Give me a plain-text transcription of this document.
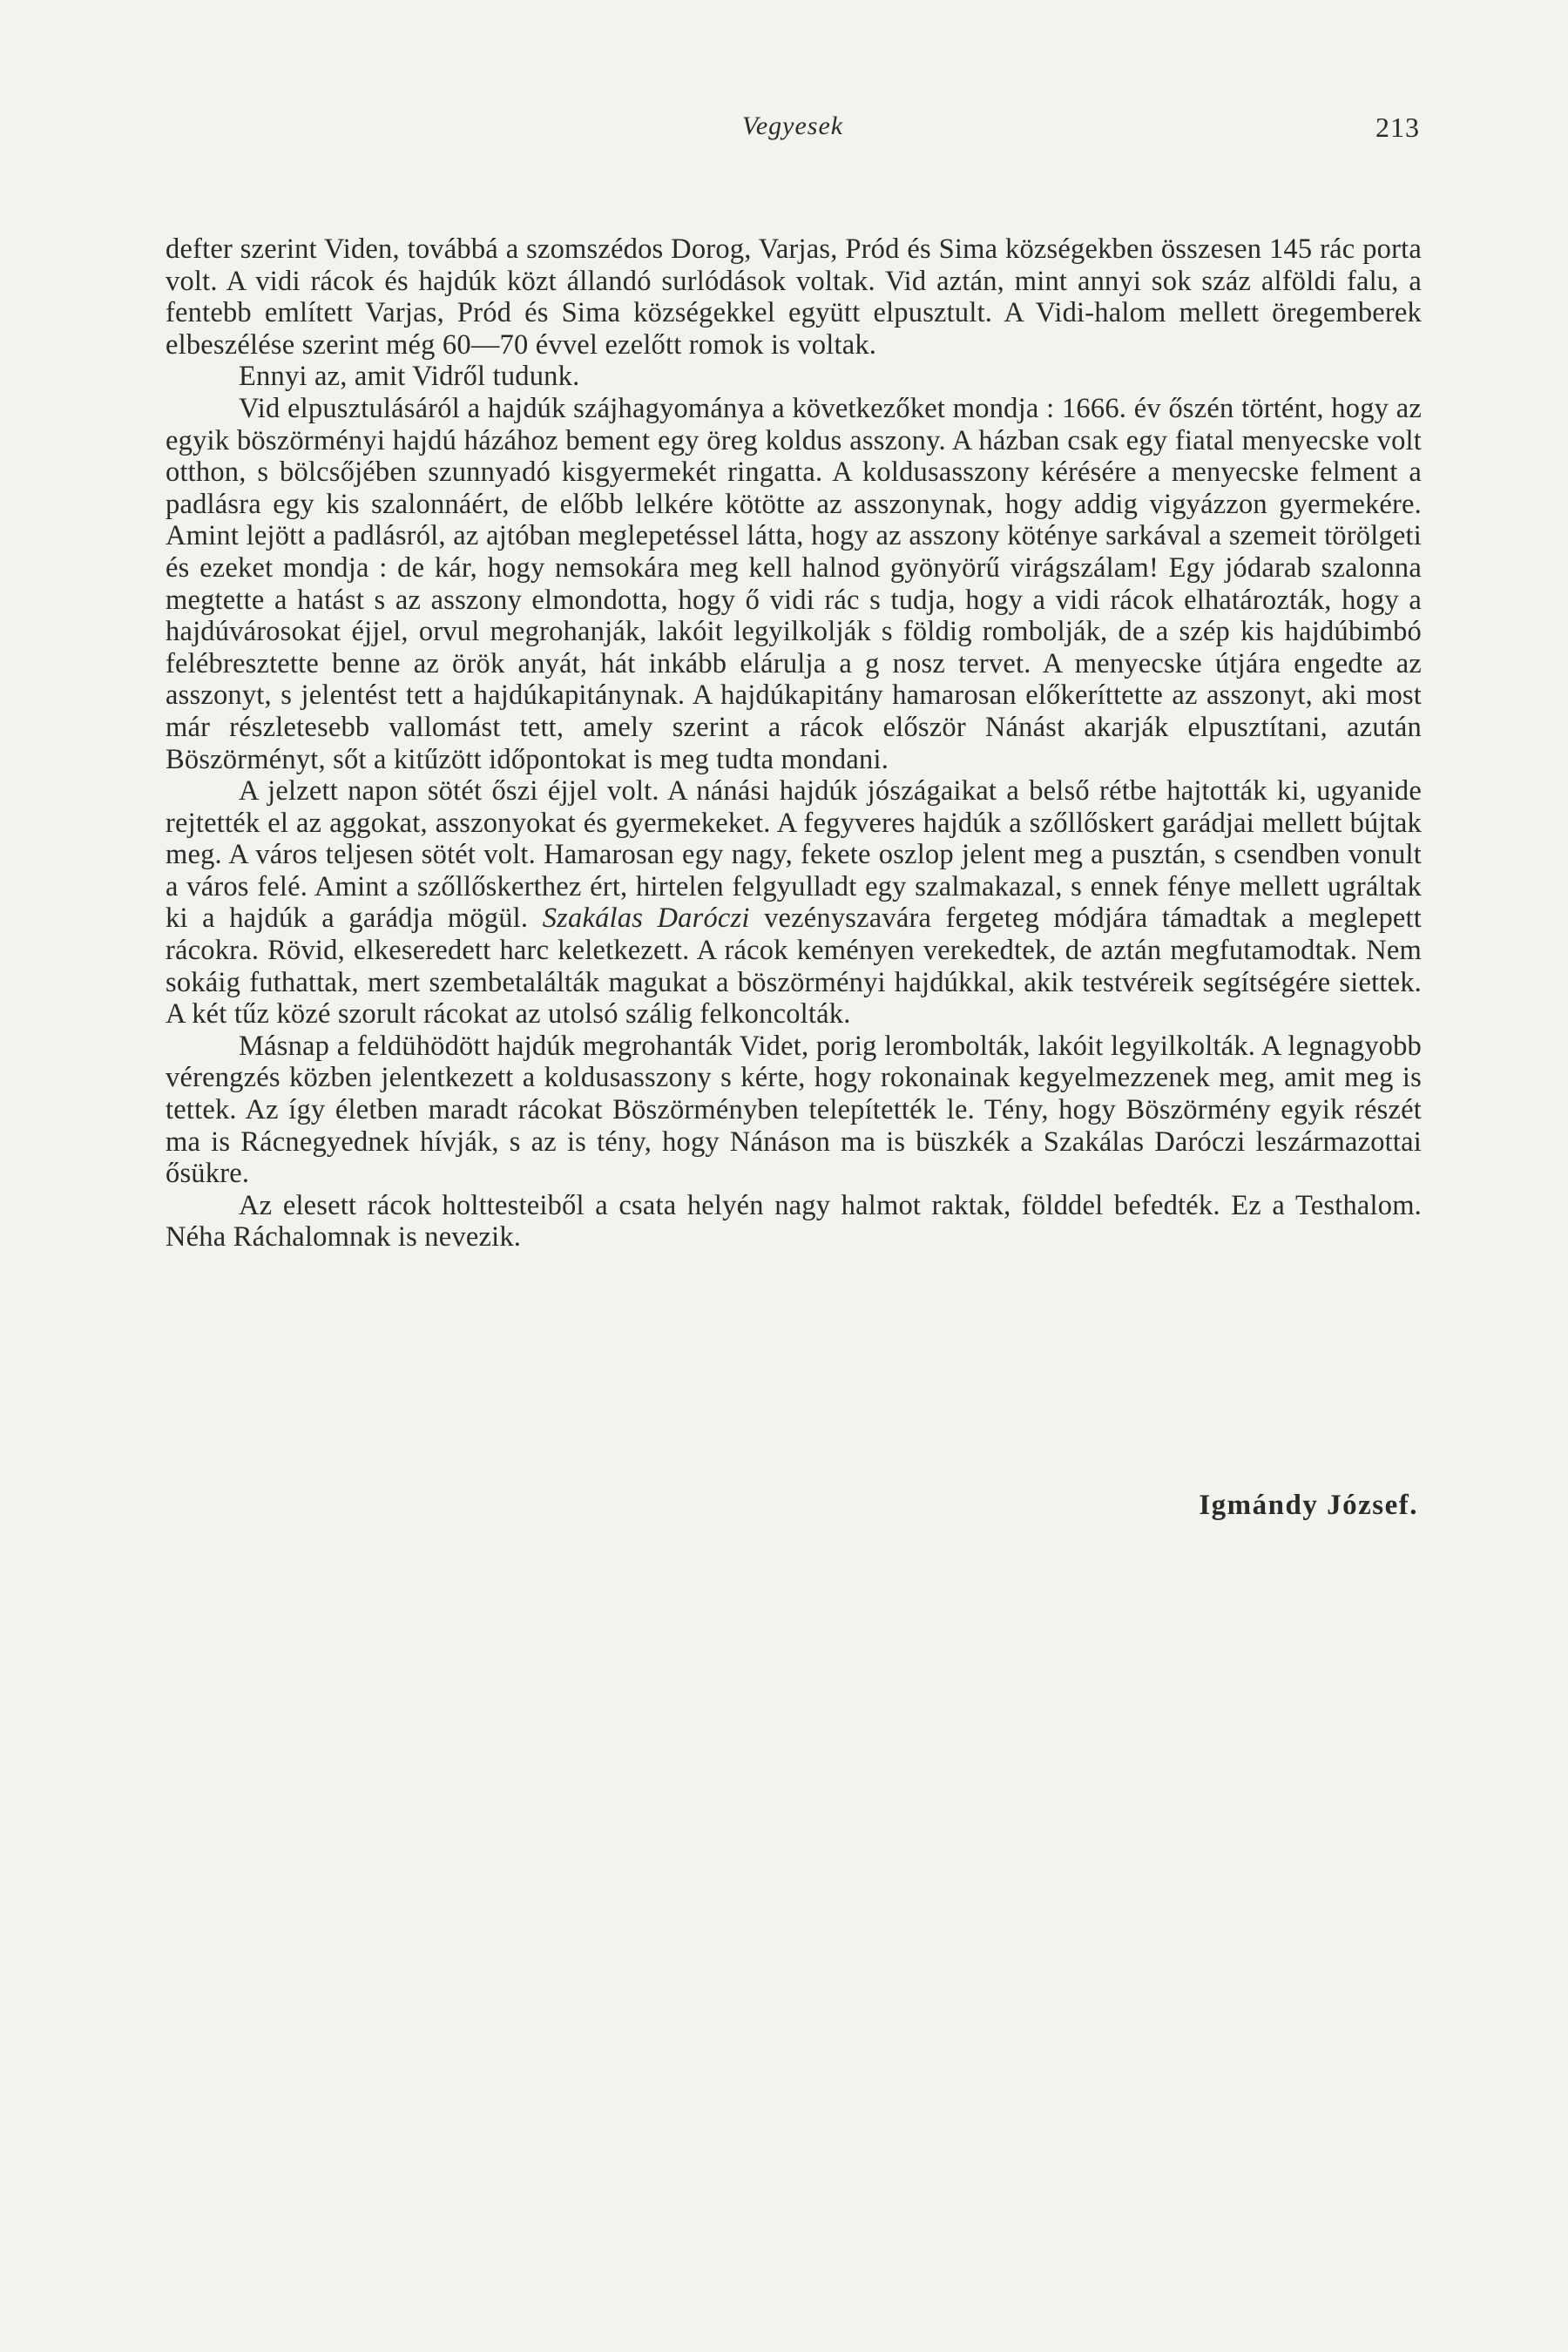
Vegyesek	213

defter szerint Viden, továbbá a szomszédos Dorog, Varjas, Pród és Sima községekben összesen 145 rác porta volt. A vidi rácok és hajdúk közt állandó surlódások voltak. Vid aztán, mint annyi sok száz alföldi falu, a fentebb említett Varjas, Pród és Sima községekkel együtt elpusztult. A Vidi-halom mellett öregemberek elbeszélése szerint még 60—70 évvel ezelőtt romok is voltak.

Ennyi az, amit Vidről tudunk.

Vid elpusztulásáról a hajdúk szájhagyománya a következőket mondja : 1666. év őszén történt, hogy az egyik böszörményi hajdú házához bement egy öreg koldus asszony. A házban csak egy fiatal menyecske volt otthon, s bölcsőjében szunnyadó kisgyermekét ringatta. A koldusasszony kérésére a menyecske felment a padlásra egy kis szalonnáért, de előbb lelkére kötötte az asszonynak, hogy addig vigyázzon gyermekére. Amint lejött a padlásról, az ajtóban meglepetéssel látta, hogy az asszony kötényе sarkával a szemeit törölgeti és ezeket mondja : de kár, hogy nemsokára meg kell halnod gyönyörű virágszálam! Egy jódarab szalonna megtette a hatást s az asszony elmondotta, hogy ő vidi rác s tudja, hogy a vidi rácok elhatározták, hogy a hajdúvárosokat éjjel, orvul megrohanják, lakóit legyilkolják s földig rombolják, de a szép kis hajdúbimbó felébresztette benne az örök anyát, hát inkább elárulja a g nosz tervet. A menyecske útjára engedte az asszonyt, s jelentést tett a hajdúkapitánynak. A hajdúkapitány hamarosan előkeríttette az asszonyt, aki most már részletesebb vallomást tett, amely szerint a rácok először Nánást akarják elpusztítani, azután Böszörményt, sőt a kitűzött időpontokat is meg tudta mondani.

A jelzett napon sötét őszi éjjel volt. A nánási hajdúk jószágaikat a belső rétbe hajtották ki, ugyanide rejtették el az aggokat, asszonyokat és gyermekeket. A fegyveres hajdúk a szőllőskert garádjai mellett bújtak meg. A város teljesen sötét volt. Hamarosan egy nagy, fekete oszlop jelent meg a pusztán, s csendben vonult a város felé. Amint a szőllőskerthez ért, hirtelen felgyulladt egy szalmakazal, s ennek fénye mellett ugráltak ki a hajdúk a garádja mögül. Szakálas Daróczi vezényszavára fergeteg módjára támadtak a meglepett rácokra. Rövid, elkeseredett harc keletkezett. A rácok keményen verekedtek, de aztán megfutamodtak. Nem sokáig futhattak, mert szembetalálták magukat a böszörményi hajdúkkal, akik testvéreik segítségére siettek. A két tűz közé szorult rácokat az utolsó szálig felkoncolták.

Másnap a feldühödött hajdúk megrohanták Videt, porig lerombolták, lakóit legyilkolták. A legnagyobb vérengzés közben jelentkezett a koldusasszony s kérte, hogy rokonainak kegyelmezzenek meg, amit meg is tettek. Az így életben maradt rácokat Böszörményben telepítették le. Tény, hogy Böszörmény egyik részét ma is Rácnegyednek hívják, s az is tény, hogy Nánáson ma is büszkék a Szakálas Daróczi leszármazottai ősükre.

Az elesett rácok holttesteiből a csata helyén nagy halmot raktak, földdel befedték. Ez a Testhalom. Néha Ráchalomnak is nevezik.

Igmándy József.
